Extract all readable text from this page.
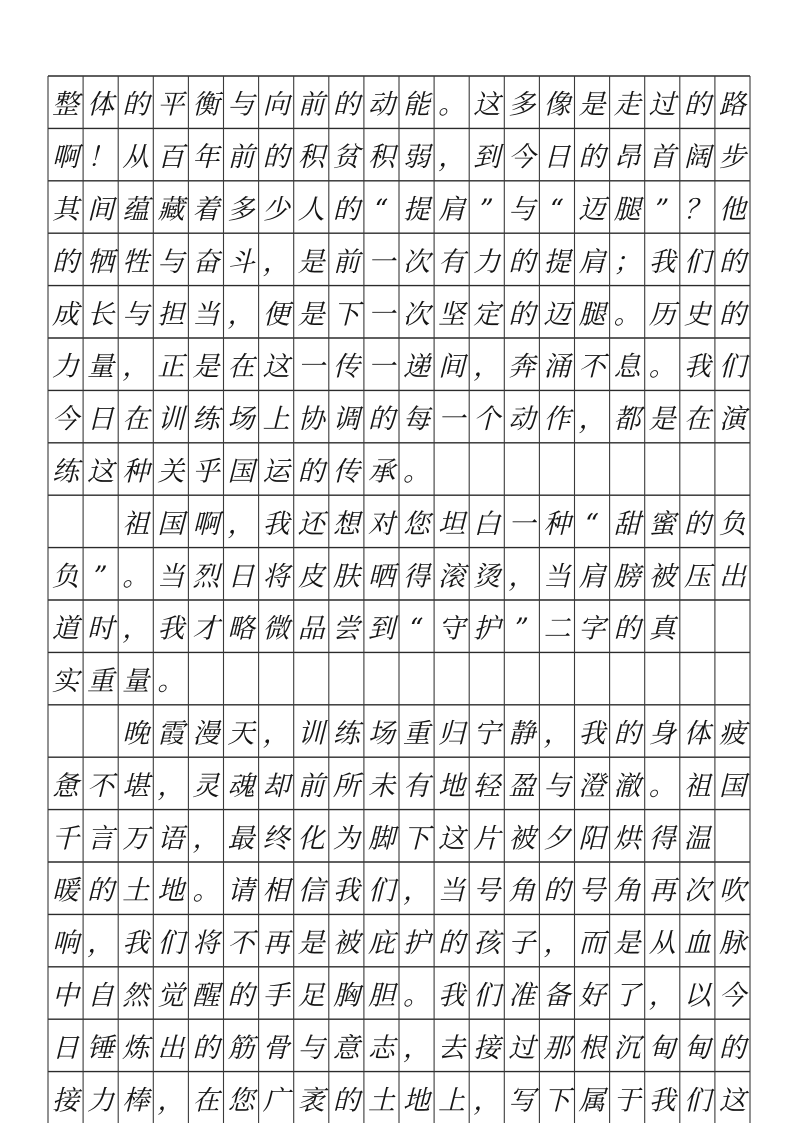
整 体 的 平 衡 与 向 前 的 动 能 。 这 多 像 是 走 过 的 路
啊 ！ 从 百 年 前 的 积 贫 积 弱 ， 到 今 日 的 昂 首 阔 步
其 间 蕴 藏 着 多 少 人 的 “ 提 肩 ” 与 “ 迈 腿 ” ？ 他
的 牺 牲 与 奋 斗 ， 是 前 一 次 有 力 的 提 肩 ； 我 们 的
成 长 与 担 当 ， 便 是 下 一 次 坚 定 的 迈 腿 。 历 史 的
力 量 ， 正 是 在 这 一 传 一 递 间 ， 奔 涌 不 息 。 我 们
今 日 在 训 练 场 上 协 调 的 每 一 个 动 作 ， 都 是 在 演
练 这 种 关 乎 国 运 的 传 承 。
祖 国 啊 ， 我 还 想 对 您 坦 白 一 种 “ 甜 蜜 的 负
负 ” 。 当 烈 日 将 皮 肤 晒 得 滚 烫 ， 当 肩 膀 被 压 出
道 时 ， 我 才 略 微 品 尝 到 “ 守 护 ” 二 字 的 真
实 重 量 。
晚 霞 漫 天 ， 训 练 场 重 归 宁 静 ， 我 的 身 体 疲
惫 不 堪 ， 灵 魂 却 前 所 未 有 地 轻 盈 与 澄 澈 。 祖 国
千 言 万 语 ， 最 终 化 为 脚 下 这 片 被 夕 阳 烘 得 温
暖 的 土 地 。 请 相 信 我 们 ， 当 号 角 的 号 角 再 次 吹
响 ， 我 们 将 不 再 是 被 庇 护 的 孩 子 ， 而 是 从 血 脉
中 自 然 觉 醒 的 手 足 胸 胆 。 我 们 准 备 好 了 ， 以 今
日 锤 炼 出 的 筋 骨 与 意 志 ， 去 接 过 那 根 沉 甸 甸 的
接 力 棒 ， 在 您 广 袤 的 土 地 上 ， 写 下 属 于 我 们 这
